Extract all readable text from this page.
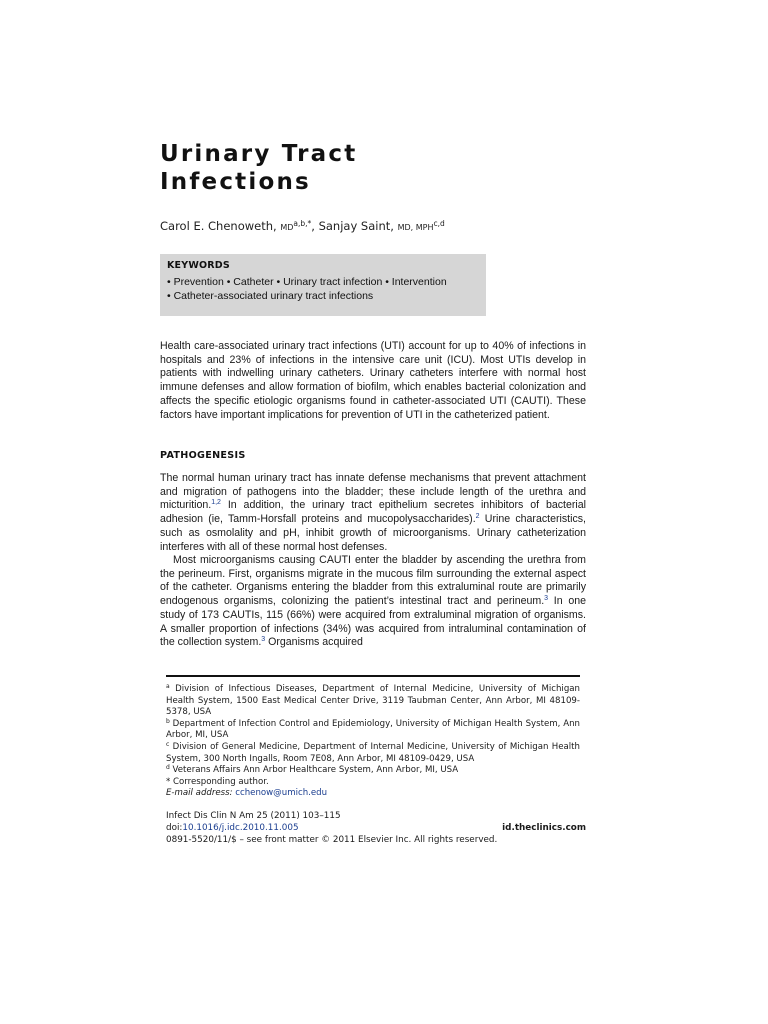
Urinary Tract
Infections
Carol E. Chenoweth, $MD^{a,b,*}$, Sanjay Saint, MD, MPH$^{c,d}$
KEYWORDS
• Prevention • Catheter • Urinary tract infection • Intervention
• Catheter-associated urinary tract infections

Health care-associated urinary tract infections (UTI) account for up to 40% of infections in hospitals and 23% of infections in the intensive care unit (ICU). Most UTIs develop in patients with indwelling urinary catheters. Urinary catheters interfere with normal host immune defenses and allow formation of biofilm, which enables bacterial colonization and affects the specific etiologic organisms found in catheter-associated UTI (CAUTI). These factors have important implications for prevention of UTI in the catheterized patient.

PATHOGENESIS

The normal human urinary tract has innate defense mechanisms that prevent attachment and migration of pathogens into the bladder; these include length of the urethra and micturition.$^{1,2}$ In addition, the urinary tract epithelium secretes inhibitors of bacterial adhesion (ie, Tamm-Horsfall proteins and mucopolysaccharides).$^2$ Urine characteristics, such as osmolality and pH, inhibit growth of microorganisms. Urinary catheterization interferes with all of these normal host defenses.

Most microorganisms causing CAUTI enter the bladder by ascending the urethra from the perineum. First, organisms migrate in the mucous film surrounding the external aspect of the catheter. Organisms entering the bladder from this extraluminal route are primarily endogenous organisms, colonizing the patient’s intestinal tract and perineum.$^3$ In one study of 173 CAUTIs, 115 (66%) were acquired from extraluminal migration of organisms. A smaller proportion of infections (34%) was acquired from intraluminal contamination of the collection system.$^3$ Organisms acquired

$^a$ Division of Infectious Diseases, Department of Internal Medicine, University of Michigan Health System, 1500 East Medical Center Drive, 3119 Taubman Center, Ann Arbor, MI 48109-5378, USA

$^b$ Department of Infection Control and Epidemiology, University of Michigan Health System, Ann Arbor, MI, USA

$^c$ Division of General Medicine, Department of Internal Medicine, University of Michigan Health System, 300 North Ingalls, Room 7E08, Ann Arbor, MI 48109-0429, USA

$^d$ Veterans Affairs Ann Arbor Healthcare System, Ann Arbor, MI, USA

* Corresponding author.

E-mail address: cchenow@umich.edu

Infect Dis Clin N Am 25 (2011) 103–115
doi:10.1016/j.idc.2010.11.005
0891-5520/11/$ – see front matter © 2011 Elsevier Inc. All rights reserved.
id.theclinics.com
